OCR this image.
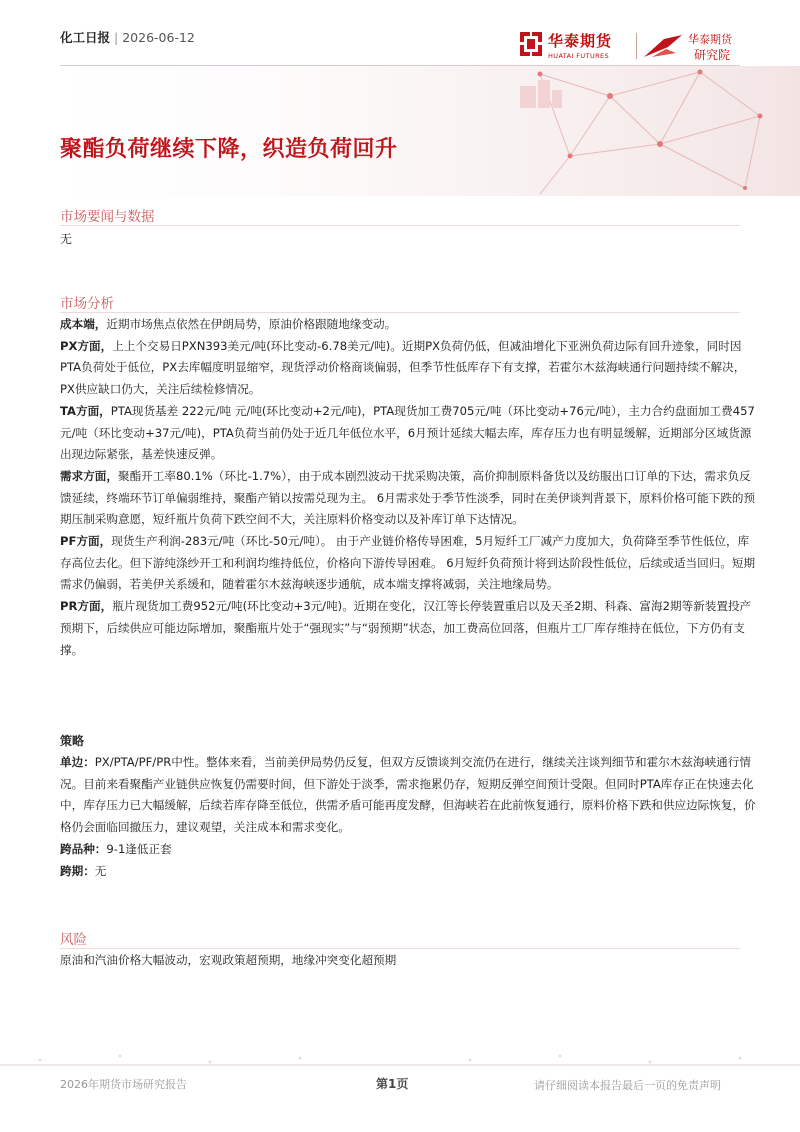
化工日报 | 2026-06-12	华泰期货
HUATAI FUTURES
华泰期货
研究院
聚酯负荷继续下降，织造负荷回升
市场要闻与数据
无
市场分析

成本端，近期市场焦点依然在伊朗局势，原油价格跟随地缘变动。

PX方面，上上个交易日PXN393美元/吨(环比变动-6.78美元/吨)。近期PX负荷仍低，但减油增化下亚洲负荷边际有回升迹象，同时因PTA负荷处于低位，PX去库幅度明显缩窄，现货浮动价格商谈偏弱，但季节性低库存下有支撑，若霍尔木兹海峡通行问题持续不解决，PX供应缺口仍大，关注后续检修情况。

TA方面，PTA现货基差 222元/吨 元/吨(环比变动+2元/吨)，PTA现货加工费705元/吨（环比变动+76元/吨），主力合约盘面加工费457元/吨（环比变动+37元/吨)，PTA负荷当前仍处于近几年低位水平，6月预计延续大幅去库，库存压力也有明显缓解，近期部分区域货源出现边际紧张，基差快速反弹。

需求方面，聚酯开工率80.1%（环比-1.7%），由于成本剧烈波动干扰采购决策，高价抑制原料备货以及纺服出口订单的下达，需求负反馈延续，终端环节订单偏弱维持，聚酯产销以按需兑现为主。 6月需求处于季节性淡季，同时在美伊谈判背景下，原料价格可能下跌的预期压制采购意愿，短纤瓶片负荷下跌空间不大，关注原料价格变动以及补库订单下达情况。

PF方面，现货生产利润-283元/吨（环比-50元/吨）。 由于产业链价格传导困难，5月短纤工厂减产力度加大，负荷降至季节性低位，库存高位去化。但下游纯涤纱开工和利润均维持低位，价格向下游传导困难。 6月短纤负荷预计将到达阶段性低位，后续或适当回归。短期需求仍偏弱，若美伊关系缓和，随着霍尔木兹海峡逐步通航，成本端支撑将减弱，关注地缘局势。

PR方面，瓶片现货加工费952元/吨(环比变动+3元/吨)。近期在变化，汉江等长停装置重启以及天圣2期、科森、富海2期等新装置投产预期下，后续供应可能边际增加，聚酯瓶片处于“强现实”与“弱预期”状态，加工费高位回落，但瓶片工厂库存维持在低位，下方仍有支撑。

策略

单边：PX/PTA/PF/PR中性。整体来看，当前美伊局势仍反复，但双方反馈谈判交流仍在进行，继续关注谈判细节和霍尔木兹海峡通行情况。目前来看聚酯产业链供应恢复仍需要时间，但下游处于淡季，需求拖累仍存，短期反弹空间预计受限。但同时PTA库存正在快速去化中，库存压力已大幅缓解，后续若库存降至低位，供需矛盾可能再度发酵，但海峡若在此前恢复通行，原料价格下跌和供应边际恢复，价格仍会面临回撤压力，建议观望，关注成本和需求变化。

跨品种：9-1逢低正套

跨期：无

风险
原油和汽油价格大幅波动，宏观政策超预期，地缘冲突变化超预期
2026年期货市场研究报告	第1页	请仔细阅读本报告最后一页的免责声明
